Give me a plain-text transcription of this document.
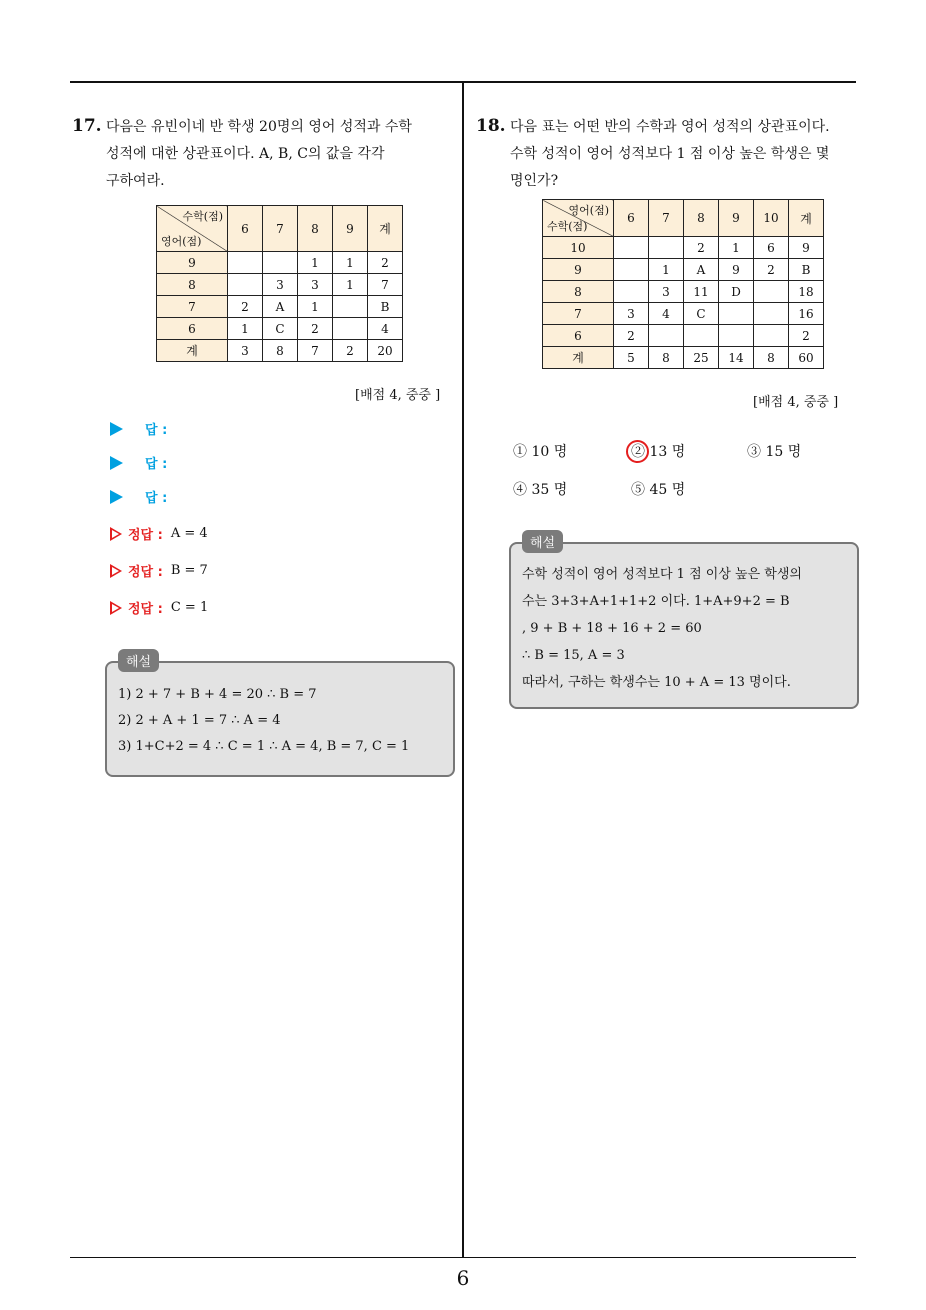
6
17. 다음은 유빈이네 반 학생 20명의 영어 성적과 수학
성적에 대한 상관표이다. A, B, C의 값을 각각
구하여라.
수학(점)
영어(점)	6	7	8	9	계
9			1	1	2
8		3	3	1	7
7	2	A	1		B
6	1	C	2		4
계	3	8	7	2	20
[배점 4, 중중 ]
답 :
답 :
답 :
정답 : A = 4
정답 : B = 7
정답 : C = 1
해설
1) 2 + 7 + B + 4 = 20 ∴ B = 7
2) 2 + A + 1 = 7 ∴ A = 4
3) 1+C+2 = 4 ∴ C = 1 ∴ A = 4, B = 7, C = 1
18. 다음 표는 어떤 반의 수학과 영어 성적의 상관표이다.
수학 성적이 영어 성적보다 1 점 이상 높은 학생은 몇
명인가?
영어(점)
수학(점)	6	7	8	9	10	계
10			2	1	6	9
9		1	A	9	2	B
8		3	11	D		18
7	3	4	C			16
6	2					2
계	5	8	25	14	8	60
[배점 4, 중중 ]
① 10 명	② 13 명	③ 15 명
④ 35 명	⑤ 45 명
해설
수학 성적이 영어 성적보다 1 점 이상 높은 학생의
수는 3+3+A+1+1+2 이다. 1+A+9+2 = B
, 9 + B + 18 + 16 + 2 = 60
∴ B = 15, A = 3
따라서, 구하는 학생수는 10 + A = 13 명이다.
